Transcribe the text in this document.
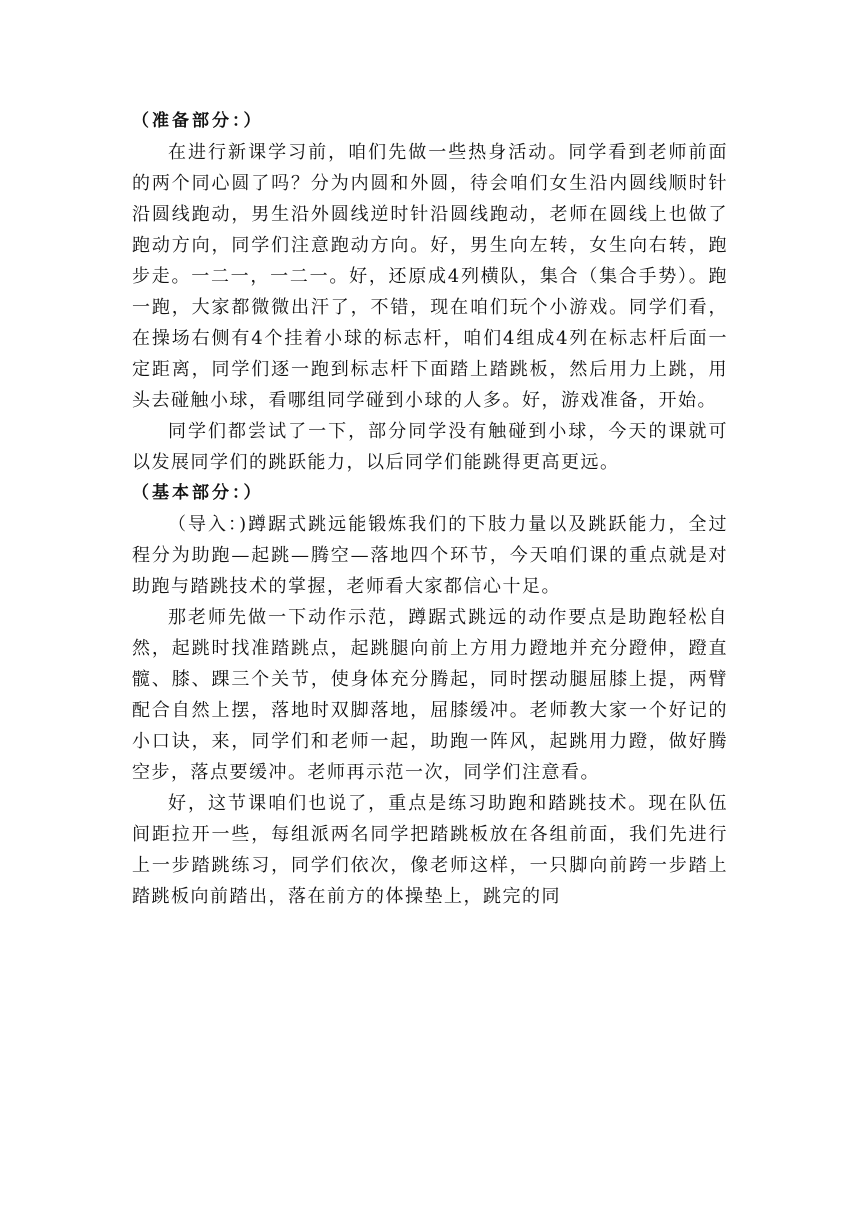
（准备部分：）

在进行新课学习前，咱们先做一些热身活动。同学看到老师前面的两个同心圆了吗？分为内圆和外圆，待会咱们女生沿内圆线顺时针沿圆线跑动，男生沿外圆线逆时针沿圆线跑动，老师在圆线上也做了跑动方向，同学们注意跑动方向。好，男生向左转，女生向右转，跑步走。一二一，一二一。好，还原成4列横队，集合（集合手势）。跑一跑，大家都微微出汗了，不错，现在咱们玩个小游戏。同学们看，在操场右侧有4个挂着小球的标志杆，咱们4组成4列在标志杆后面一定距离，同学们逐一跑到标志杆下面踏上踏跳板，然后用力上跳，用头去碰触小球，看哪组同学碰到小球的人多。好，游戏准备，开始。

同学们都尝试了一下，部分同学没有触碰到小球，今天的课就可以发展同学们的跳跃能力，以后同学们能跳得更高更远。

（基本部分：）

（导入：)蹲踞式跳远能锻炼我们的下肢力量以及跳跃能力，全过程分为助跑—起跳—腾空—落地四个环节，今天咱们课的重点就是对助跑与踏跳技术的掌握，老师看大家都信心十足。

那老师先做一下动作示范，蹲踞式跳远的动作要点是助跑轻松自然，起跳时找准踏跳点，起跳腿向前上方用力蹬地并充分蹬伸，蹬直髋、膝、踝三个关节，使身体充分腾起，同时摆动腿屈膝上提，两臂配合自然上摆，落地时双脚落地，屈膝缓冲。老师教大家一个好记的小口诀，来，同学们和老师一起，助跑一阵风，起跳用力蹬，做好腾空步，落点要缓冲。老师再示范一次，同学们注意看。

好，这节课咱们也说了，重点是练习助跑和踏跳技术。现在队伍间距拉开一些，每组派两名同学把踏跳板放在各组前面，我们先进行上一步踏跳练习，同学们依次，像老师这样，一只脚向前跨一步踏上踏跳板向前踏出，落在前方的体操垫上，跳完的同
